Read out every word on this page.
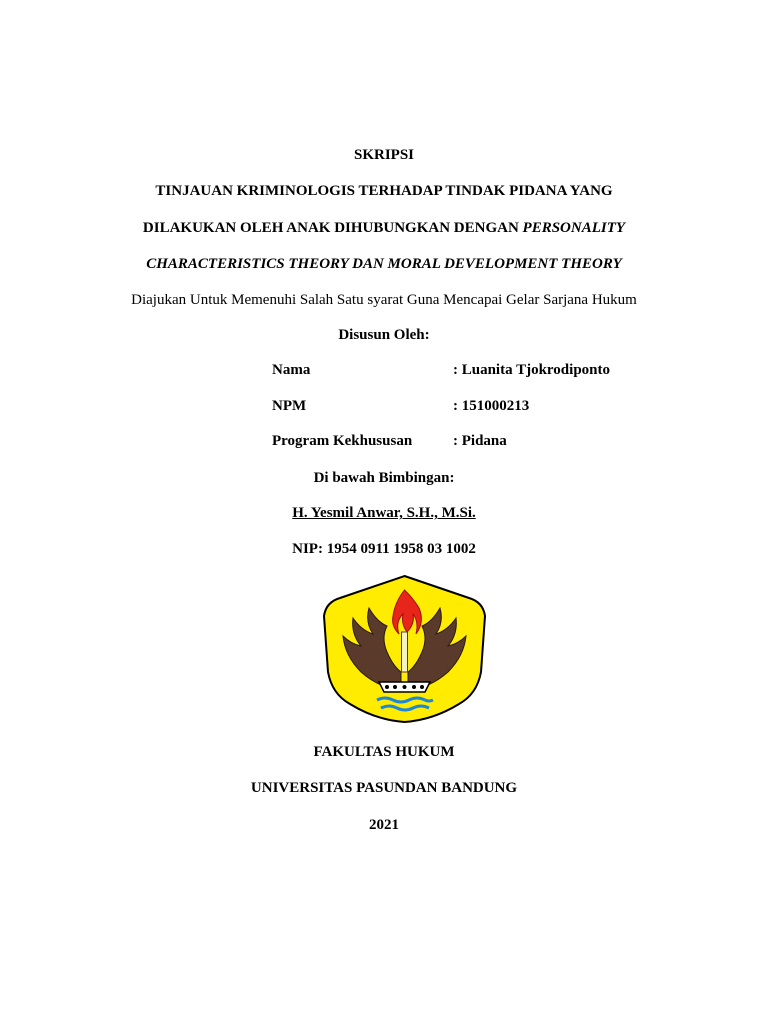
SKRIPSI
TINJAUAN KRIMINOLOGIS TERHADAP TINDAK PIDANA YANG
DILAKUKAN OLEH ANAK DIHUBUNGKAN DENGAN PERSONALITY
CHARACTERISTICS THEORY DAN MORAL DEVELOPMENT THEORY
Diajukan Untuk Memenuhi Salah Satu syarat Guna Mencapai Gelar Sarjana Hukum
Disusun Oleh:
Nama	: Luanita Tjokrodiponto
NPM	: 151000213
Program Kekhususan	: Pidana
Di bawah Bimbingan:
H. Yesmil Anwar, S.H., M.Si.
NIP: 1954 0911 1958 03 1002
FAKULTAS HUKUM
UNIVERSITAS PASUNDAN BANDUNG
2021
